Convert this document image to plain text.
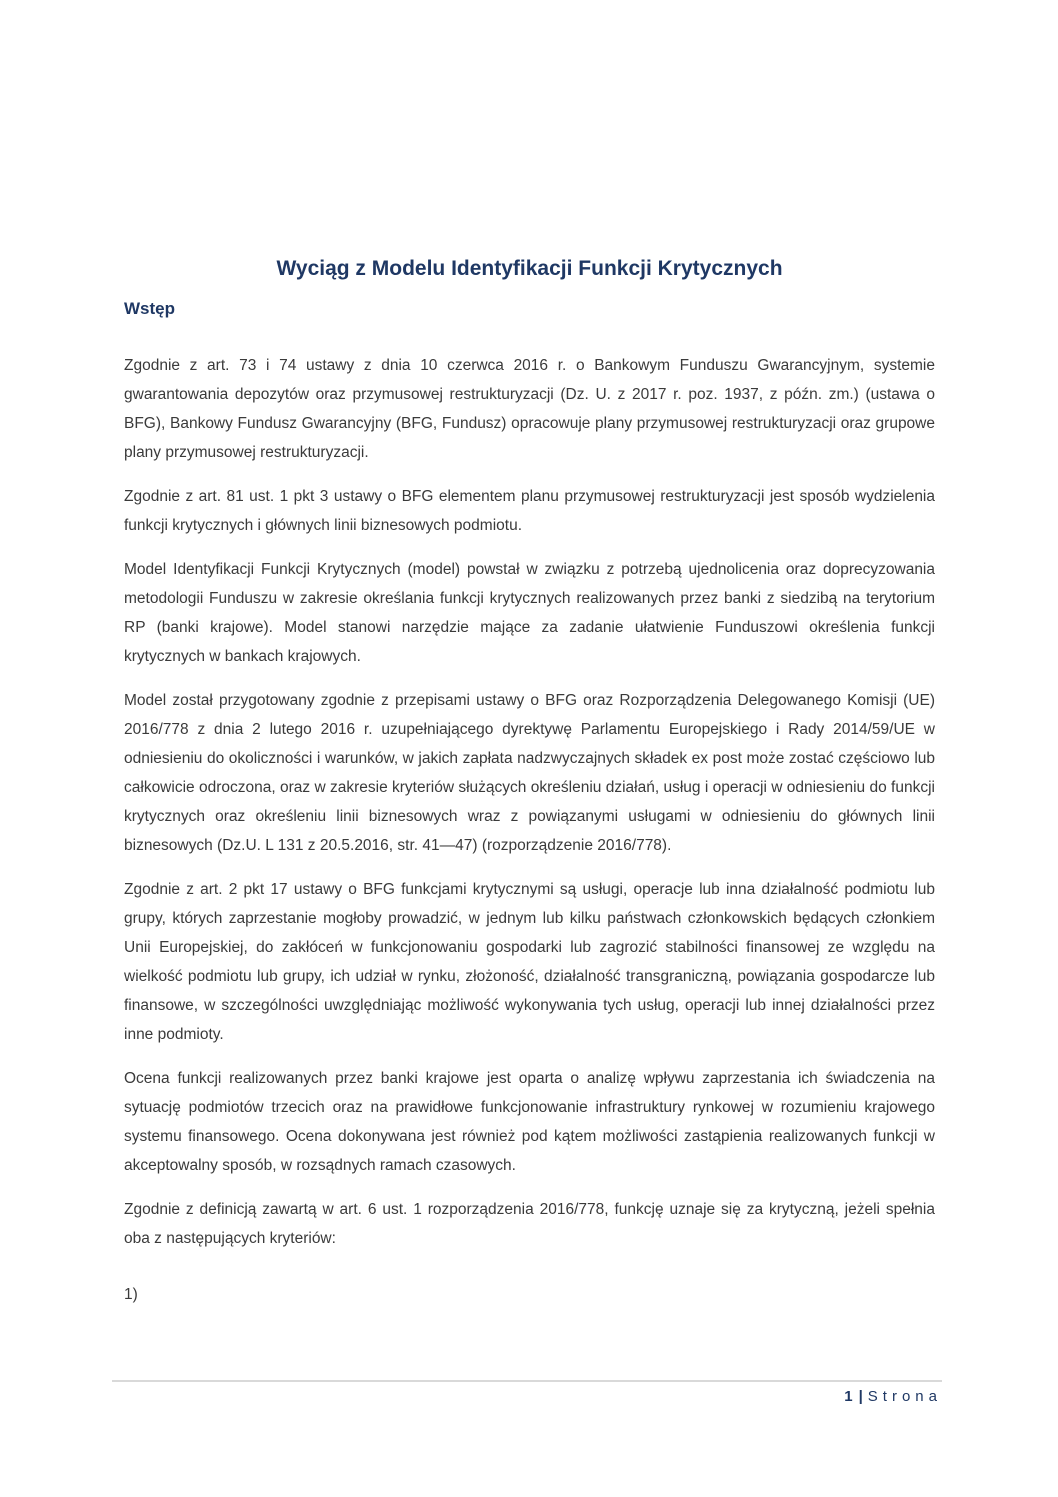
Wyciąg z Modelu Identyfikacji Funkcji Krytycznych
Wstęp

Zgodnie z art. 73 i 74 ustawy z dnia 10 czerwca 2016 r. o Bankowym Funduszu Gwarancyjnym, systemie gwarantowania depozytów oraz przymusowej restrukturyzacji (Dz. U. z 2017 r. poz. 1937, z późn. zm.) (ustawa o BFG), Bankowy Fundusz Gwarancyjny (BFG, Fundusz) opracowuje plany przymusowej restrukturyzacji oraz grupowe plany przymusowej restrukturyzacji.

Zgodnie z art. 81 ust. 1 pkt 3 ustawy o BFG elementem planu przymusowej restrukturyzacji jest sposób wydzielenia funkcji krytycznych i głównych linii biznesowych podmiotu.

Model Identyfikacji Funkcji Krytycznych (model) powstał w związku z potrzebą ujednolicenia oraz doprecyzowania metodologii Funduszu w zakresie określania funkcji krytycznych realizowanych przez banki z siedzibą na terytorium RP (banki krajowe). Model stanowi narzędzie mające za zadanie ułatwienie Funduszowi określenia funkcji krytycznych w bankach krajowych.

Model został przygotowany zgodnie z przepisami ustawy o BFG oraz Rozporządzenia Delegowanego Komisji (UE) 2016/778 z dnia 2 lutego 2016 r. uzupełniającego dyrektywę Parlamentu Europejskiego i Rady 2014/59/UE w odniesieniu do okoliczności i warunków, w jakich zapłata nadzwyczajnych składek ex post może zostać częściowo lub całkowicie odroczona, oraz w zakresie kryteriów służących określeniu działań, usług i operacji w odniesieniu do funkcji krytycznych oraz określeniu linii biznesowych wraz z powiązanymi usługami w odniesieniu do głównych linii biznesowych (Dz.U. L 131 z 20.5.2016, str. 41—47) (rozporządzenie 2016/778).

Zgodnie z art. 2 pkt 17 ustawy o BFG funkcjami krytycznymi są usługi, operacje lub inna działalność podmiotu lub grupy, których zaprzestanie mogłoby prowadzić, w jednym lub kilku państwach członkowskich będących członkiem Unii Europejskiej, do zakłóceń w funkcjonowaniu gospodarki lub zagrozić stabilności finansowej ze względu na wielkość podmiotu lub grupy, ich udział w rynku, złożoność, działalność transgraniczną, powiązania gospodarcze lub finansowe, w szczególności uwzględniając możliwość wykonywania tych usług, operacji lub innej działalności przez inne podmioty.

Ocena funkcji realizowanych przez banki krajowe jest oparta o analizę wpływu zaprzestania ich świadczenia na sytuację podmiotów trzecich oraz na prawidłowe funkcjonowanie infrastruktury rynkowej w rozumieniu krajowego systemu finansowego. Ocena dokonywana jest również pod kątem możliwości zastąpienia realizowanych funkcji w akceptowalny sposób, w rozsądnych ramach czasowych.

Zgodnie z definicją zawartą w art. 6 ust. 1 rozporządzenia 2016/778, funkcję uznaje się za krytyczną, jeżeli spełnia oba z następujących kryteriów:

1)

1 | Strona
